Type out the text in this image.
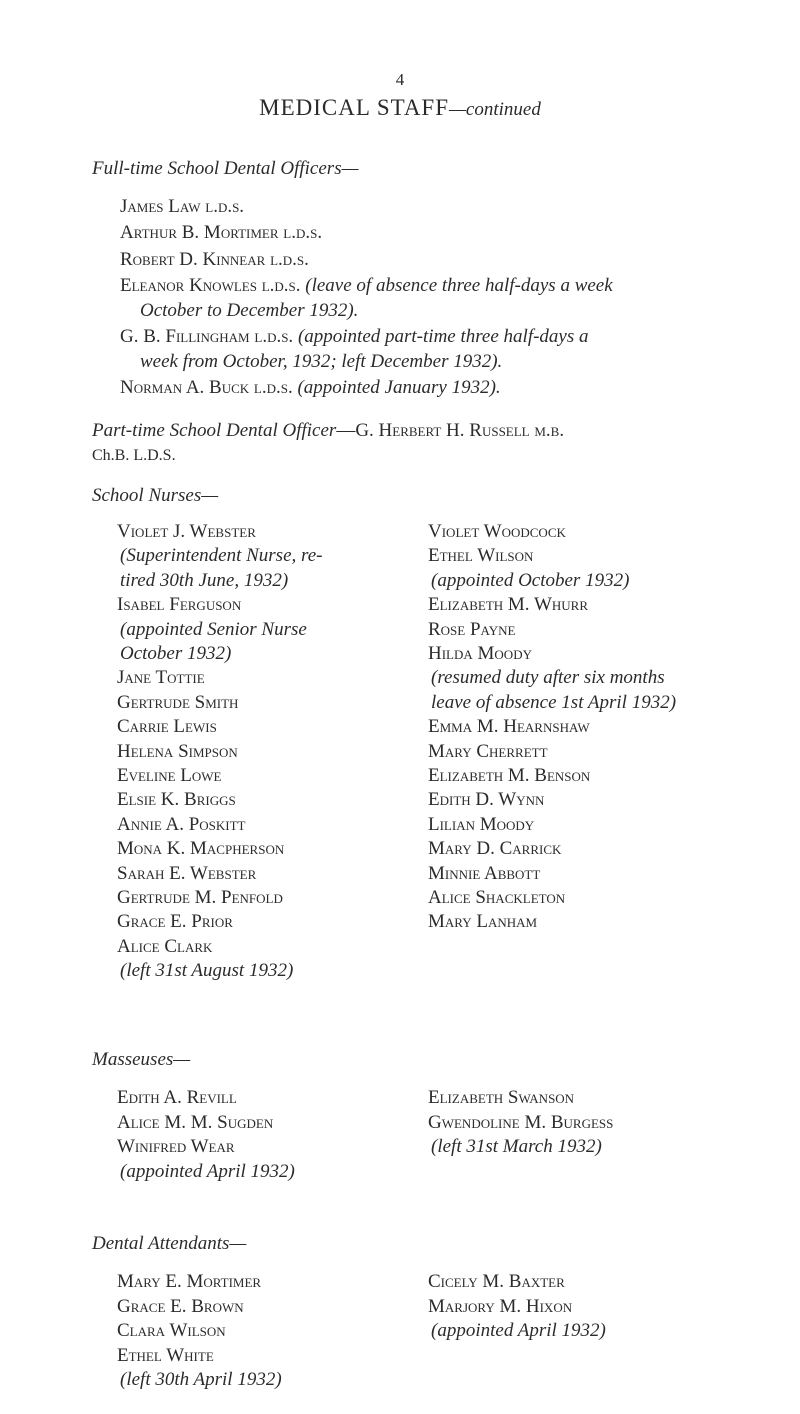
4
MEDICAL STAFF—continued
Full-time School Dental Officers—
James Law l.d.s.
Arthur B. Mortimer l.d.s.
Robert D. Kinnear l.d.s.
Eleanor Knowles l.d.s. (leave of absence three half-days a week
October to December 1932).
G. B. Fillingham l.d.s. (appointed part-time three half-days a
week from October, 1932; left December 1932).
Norman A. Buck l.d.s. (appointed January 1932).
Part-time School Dental Officer—G. Herbert H. Russell m.b.
Ch.B. L.D.S.
School Nurses—
Violet J. Webster
(Superintendent Nurse, re-
tired 30th June, 1932)
Isabel Ferguson
(appointed Senior Nurse
October 1932)
Jane Tottie
Gertrude Smith
Carrie Lewis
Helena Simpson
Eveline Lowe
Elsie K. Briggs
Annie A. Poskitt
Mona K. Macpherson
Sarah E. Webster
Gertrude M. Penfold
Grace E. Prior
Alice Clark
(left 31st August 1932)
Violet Woodcock
Ethel Wilson
(appointed October 1932)
Elizabeth M. Whurr
Rose Payne
Hilda Moody
(resumed duty after six months
leave of absence 1st April 1932)
Emma M. Hearnshaw
Mary Cherrett
Elizabeth M. Benson
Edith D. Wynn
Lilian Moody
Mary D. Carrick
Minnie Abbott
Alice Shackleton
Mary Lanham
Masseuses—
Edith A. Revill
Alice M. M. Sugden
Winifred Wear
(appointed April 1932)
Elizabeth Swanson
Gwendoline M. Burgess
(left 31st March 1932)
Dental Attendants—
Mary E. Mortimer
Grace E. Brown
Clara Wilson
Ethel White
(left 30th April 1932)
Cicely M. Baxter
Marjory M. Hixon
(appointed April 1932)
